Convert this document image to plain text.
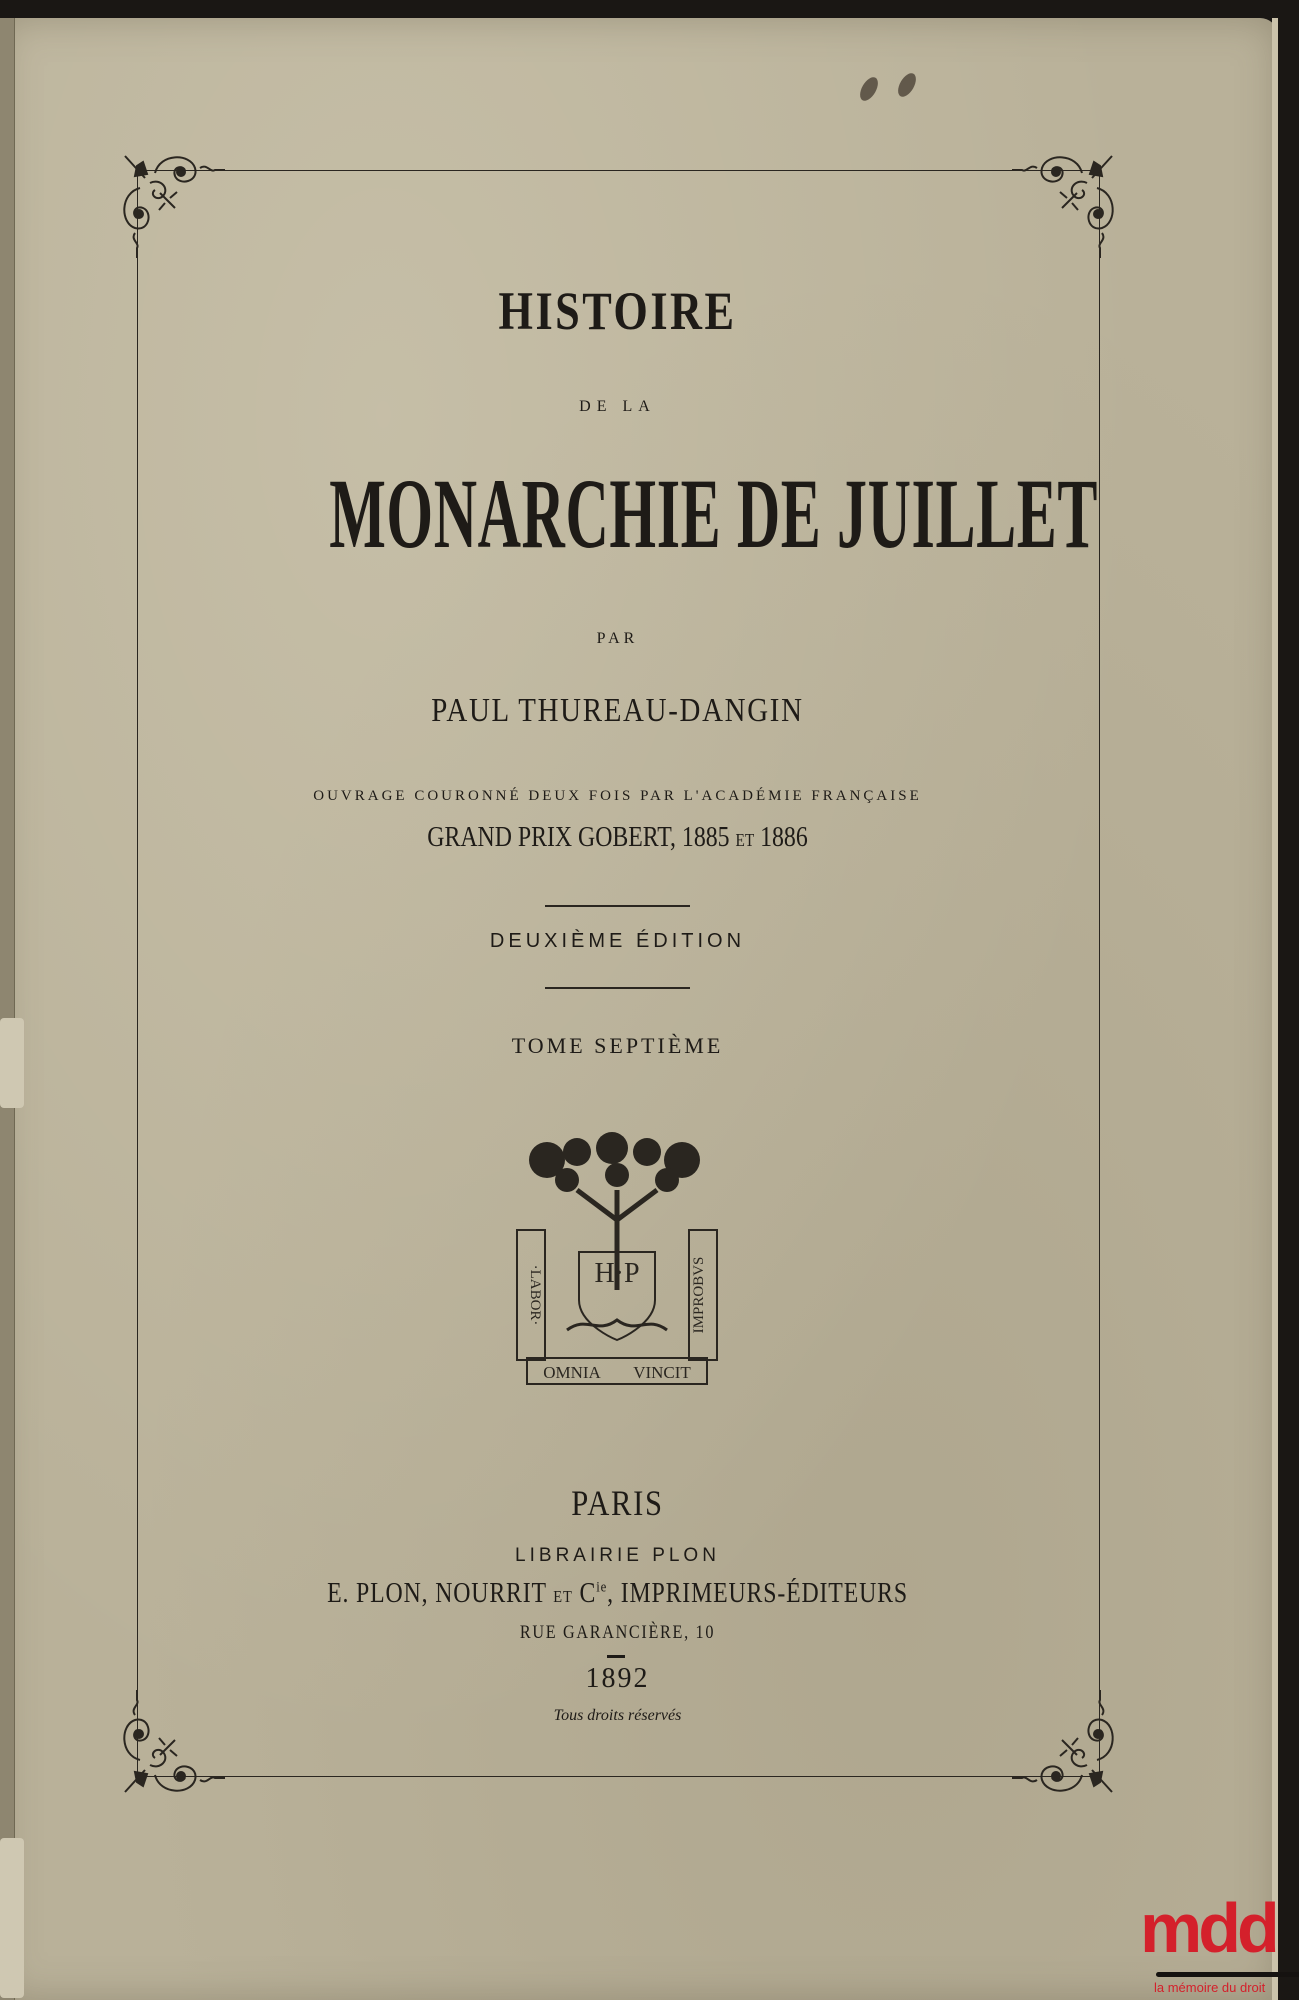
HISTOIRE
DE LA
MONARCHIE DE JUILLET
PAR
PAUL THUREAU-DANGIN
OUVRAGE COURONNÉ DEUX FOIS PAR L'ACADÉMIE FRANÇAISE
GRAND PRIX GOBERT, 1885 ET 1886
DEUXIÈME ÉDITION
TOME SEPTIÈME
H·P
·LABOR·	IMPROBVS
OMNIA VINCIT
PARIS
LIBRAIRIE PLON
E. PLON, NOURRIT ET $C^{ie}$, IMPRIMEURS-ÉDITEURS
RUE GARANCIÈRE, 10
1892
Tous droits réservés
mdd
la mémoire du droit
